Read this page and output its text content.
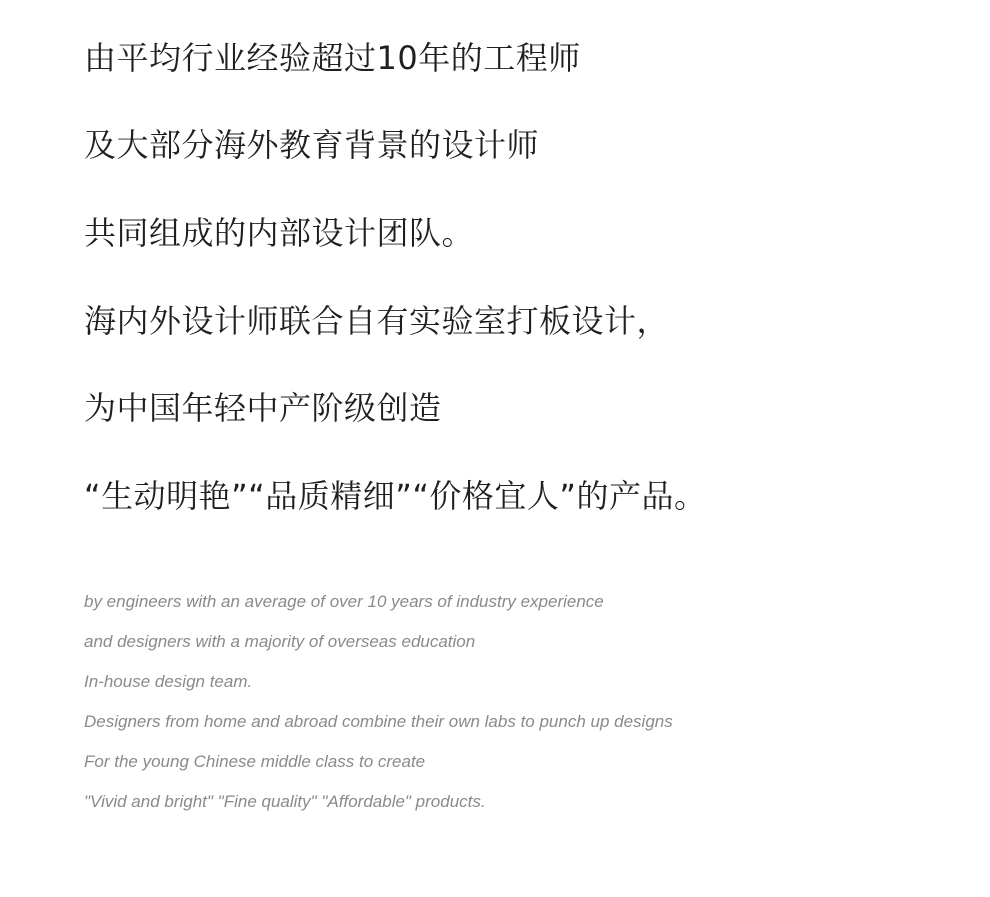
由平均行业经验超过10年的工程师
及大部分海外教育背景的设计师
共同组成的内部设计团队。
海内外设计师联合自有实验室打板设计，
为中国年轻中产阶级创造
“生动明艳”“品质精细”“价格宜人”的产品。
by engineers with an average of over 10 years of industry experience
and designers with a majority of overseas education
In-house design team.
Designers from home and abroad combine their own labs to punch up designs
For the young Chinese middle class to create
"Vivid and bright" "Fine quality" "Affordable" products.
